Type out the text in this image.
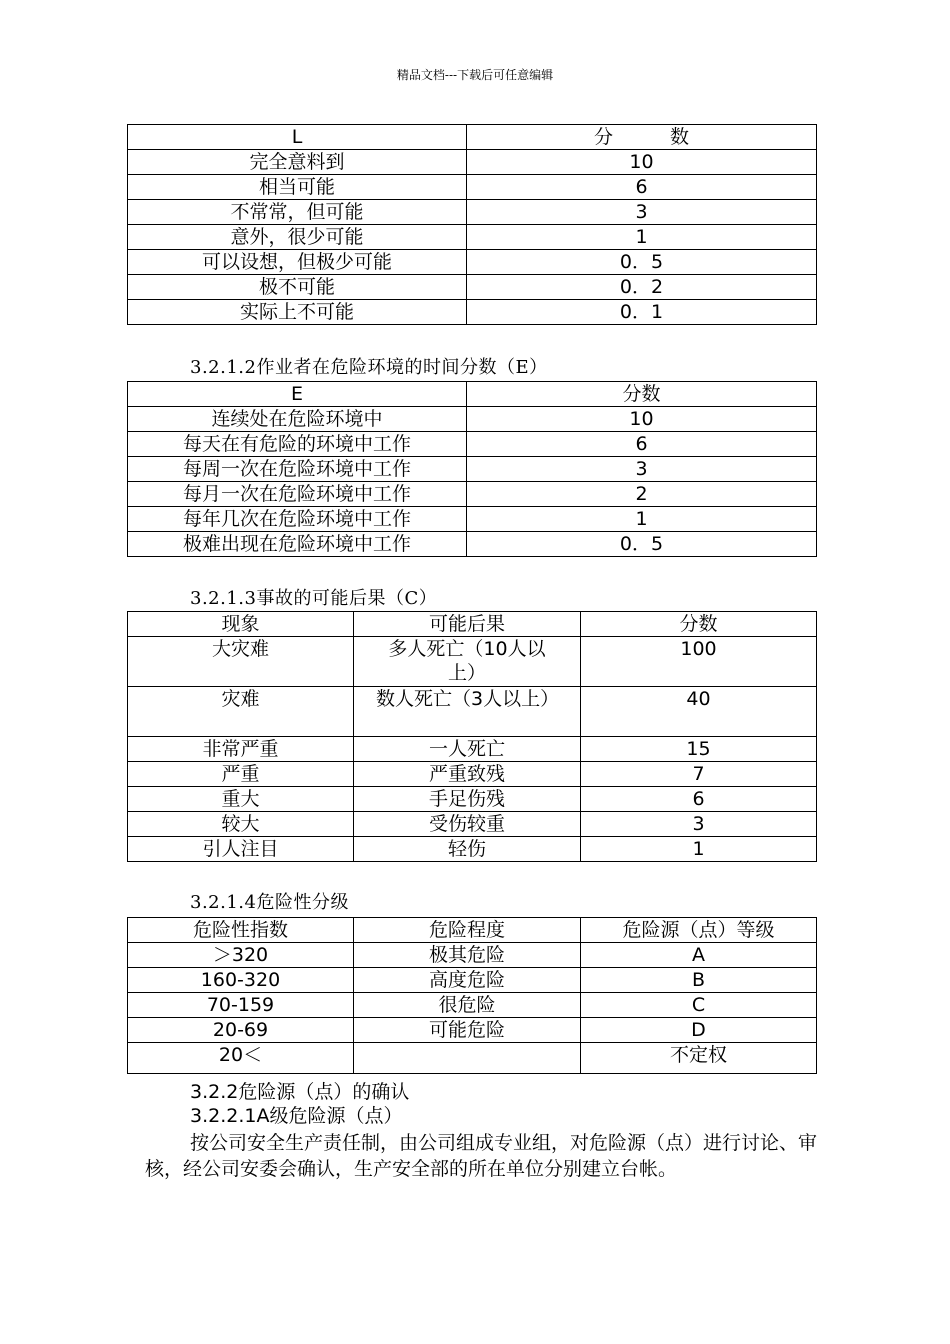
精品文档---下载后可任意编辑
L	分　　　数
完全意料到	10
相当可能	6
不常常，但可能	3
意外，很少可能	1
可以设想，但极少可能	0．5
极不可能	0．2
实际上不可能	0．1
3.2.1.2作业者在危险环境的时间分数（E）
E	分数
连续处在危险环境中	10
每天在有危险的环境中工作	6
每周一次在危险环境中工作	3
每月一次在危险环境中工作	2
每年几次在危险环境中工作	1
极难出现在危险环境中工作	0．5
3.2.1.3事故的可能后果（C）
现象	可能后果	分数
大灾难	多人死亡（10人以上）	100
灾难	数人死亡（3人以上）	40
非常严重	一人死亡	15
严重	严重致残	7
重大	手足伤残	6
较大	受伤较重	3
引人注目	轻伤	1
3.2.1.4危险性分级
危险性指数	危险程度	危险源（点）等级
＞320	极其危险	A
160-320	高度危险	B
70-159	很危险	C
20-69	可能危险	D
20＜		不定权
3.2.2危险源（点）的确认
3.2.2.1A级危险源（点）
按公司安全生产责任制，由公司组成专业组，对危险源（点）进行讨论、审核，经公司安委会确认，生产安全部的所在单位分别建立台帐。
